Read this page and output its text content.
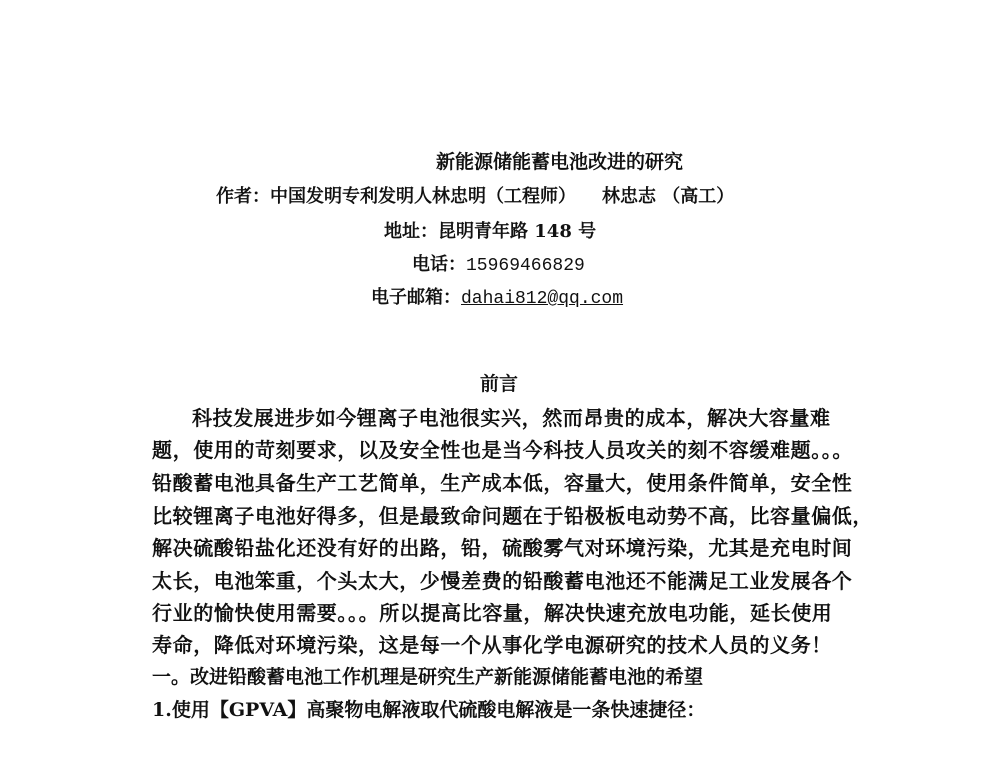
新能源储能蓄电池改进的研究
作者：中国发明专利发明人林忠明（工程师） 林忠志 （高工）
地址：昆明青年路 148 号
电话：15969466829
电子邮箱：dahai812@qq.com
前言
科技发展进步如今锂离子电池很实兴，然而昂贵的成本，解决大容量难
题，使用的苛刻要求，以及安全性也是当今科技人员攻关的刻不容缓难题。。。
铅酸蓄电池具备生产工艺简单，生产成本低，容量大，使用条件简单，安全性
比较锂离子电池好得多，但是最致命问题在于铅极板电动势不高，比容量偏低，
解决硫酸铅盐化还没有好的出路，铅，硫酸雾气对环境污染，尤其是充电时间
太长，电池笨重，个头太大，少慢差费的铅酸蓄电池还不能满足工业发展各个
行业的愉快使用需要。。。所以提高比容量，解决快速充放电功能，延长使用
寿命，降低对环境污染，这是每一个从事化学电源研究的技术人员的义务！
一。改进铅酸蓄电池工作机理是研究生产新能源储能蓄电池的希望
1.使用【GPVA】高聚物电解液取代硫酸电解液是一条快速捷径：
